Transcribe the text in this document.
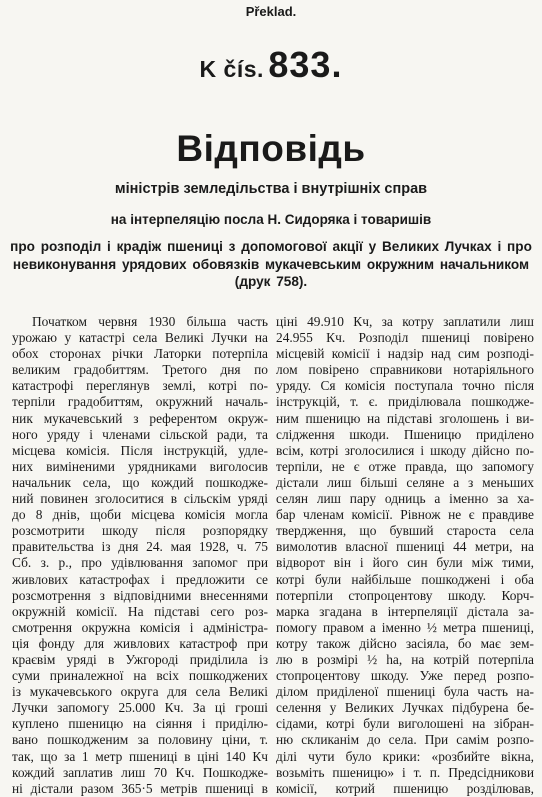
Překlad.
K čís. 833.
Відповідь
міністрів земледільства і внутрішніх справ
на інтерпеляцію посла Н. Сидоряка і товаришів
про розподіл і крадіж пшениці з допомогової акції у Великих Лучках і про невиконування урядових обовязків мукачевським окружним начальником (друк 758).
Початком червня 1930 більша часть
урожаю у катастрі села Великі Лучки на
обох сторонах річки Латорки потерпіла
великим градобиттям. Третого дня по
катастрофі переглянув землі, котрі по-
терпіли градобиттям, окружний началь-
ник мукачевський з референтом окруж-
ного уряду і членами сільской ради, та
місцева комісія. Після інструкцій, удле-
них виміненими урядниками виголосив
начальник села, що кождий пошкодже-
ний повинен зголоситися в сільскім уряді
до 8 днів, щоби місцева комісія могла
розсмотрити шкоду після розпорядку
правительства із дня 24. мая 1928, ч. 75
Сб. з. р., про удівлювання запомог при
живлових катастрофах і предложити се
розсмотрення з відповідними внесеннями
окружній комісії. На підставі сего роз-
смотрення окружна комісія і адміністра-
ція фонду для живлових катастроф при
краєвім уряді в Ужгороді приділила із
суми приналежної на всіх пошкоджених
із мукачевського округа для села Великі
Лучки запомогу 25.000 Кч. За ці гроші
куплено пшеницю на сіяння і приділю-
вано пошкодженим за половину ціни, т.
так, що за 1 метр пшениці в ціні 140 Кч
кождий заплатив лиш 70 Кч. Пошкодже-
ні дістали разом 365·5 метрів пшениці в
ціні 49.910 Кч, за котру заплатили лиш
24.955 Кч. Розподіл пшениці повірено
місцевій комісії і надзір над сим розподі-
лом повірено справникови нотаріяльного
уряду. Ся комісія поступала точно після
інструкцій, т. є. приділювала пошкодже-
ним пшеницю на підставі зголошень і ви-
слідження шкоди. Пшеницю приділено
всім, котрі зголосилися і шкоду дійсно по-
терпіли, не є отже правда, що запомогу
дістали лиш більші селяне а з меньших
селян лиш пару одниць а іменно за ха-
бар членам комісії. Рівнож не є правдиве
твердження, що бувший старостa села
вимолотив власної пшениці 44 метри, на
відворот він і його син були між тими,
котрі були найбільше пошкоджені і оба
потерпіли стопроцентову шкоду. Корч-
марка згадана в інтерпеляції дістала за-
помогу правом а іменно ½ метра пшениці,
котру також дійсно засіяла, бо має зем-
лю в розмірі ½ ha, на котрій потерпіла
стопроцентову шкоду. Уже перед розпо-
ділом приділеної пшениці була часть на-
селення у Великих Лучках підбурена бе-
сідами, котрі були виголошені на зібран-
ню скликанім до села. При самім розпо-
ділі чути було крики: «розбийте вікна,
возьміть пшеницю» і т. п. Предсідникови
комісії, котрий пшеницю розділював,
